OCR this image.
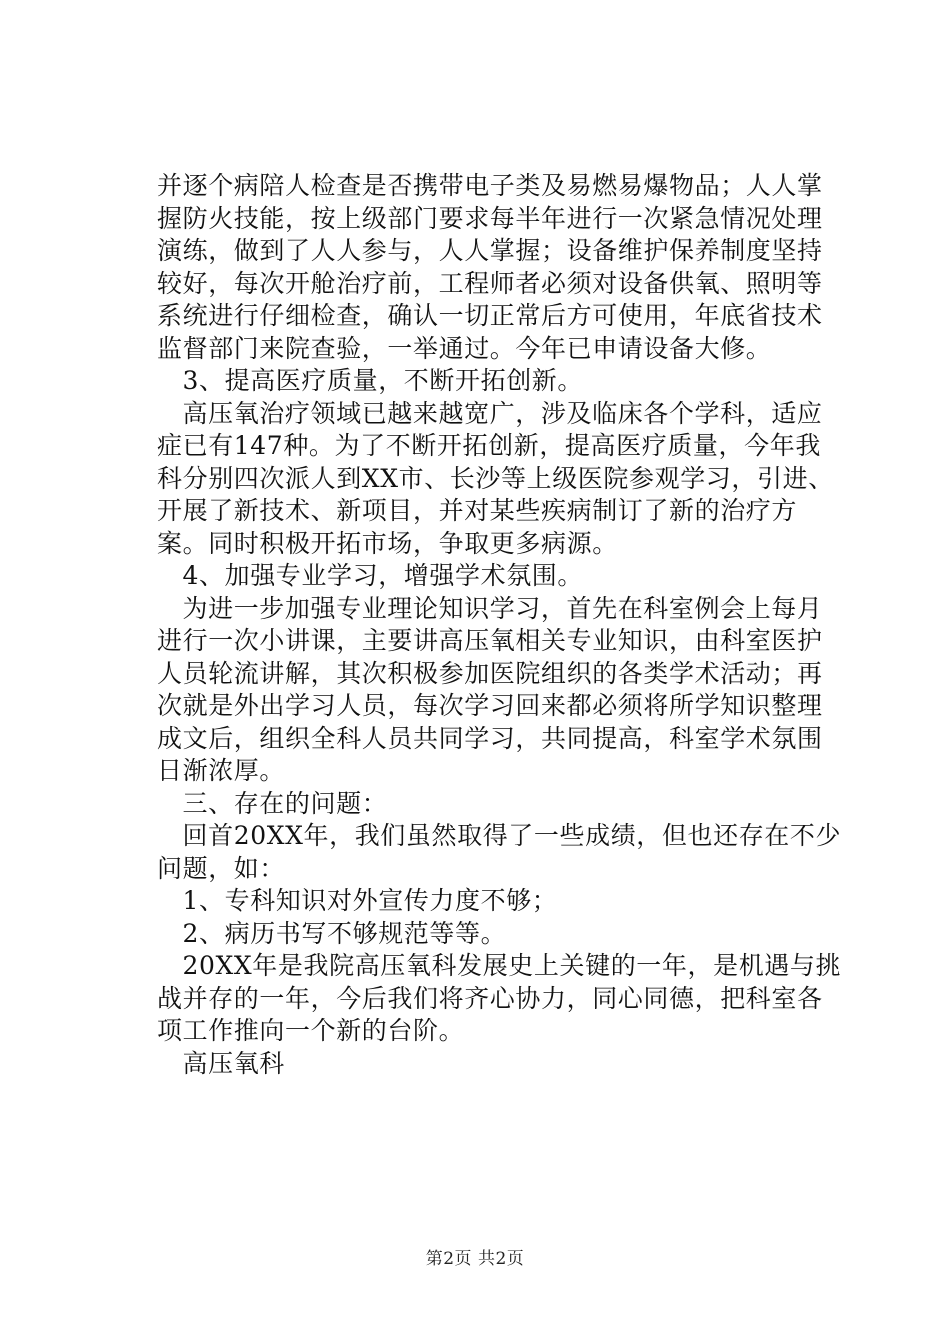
并逐个病陪人检查是否携带电子类及易燃易爆物品；人人掌握防火技能，按上级部门要求每半年进行一次紧急情况处理演练，做到了人人参与，人人掌握；设备维护保养制度坚持较好，每次开舱治疗前，工程师者必须对设备供氧、照明等系统进行仔细检查，确认一切正常后方可使用，年底省技术监督部门来院查验，一举通过。今年已申请设备大修。

3、提高医疗质量，不断开拓创新。

高压氧治疗领域已越来越宽广，涉及临床各个学科，适应症已有147种。为了不断开拓创新，提高医疗质量，今年我科分别四次派人到XX市、长沙等上级医院参观学习，引进、开展了新技术、新项目，并对某些疾病制订了新的治疗方案。同时积极开拓市场，争取更多病源。

4、加强专业学习，增强学术氛围。

为进一步加强专业理论知识学习，首先在科室例会上每月进行一次小讲课，主要讲高压氧相关专业知识，由科室医护人员轮流讲解，其次积极参加医院组织的各类学术活动；再次就是外出学习人员，每次学习回来都必须将所学知识整理成文后，组织全科人员共同学习，共同提高，科室学术氛围日渐浓厚。

三、存在的问题：

回首20XX年，我们虽然取得了一些成绩，但也还存在不少问题，如：

1、专科知识对外宣传力度不够；

2、病历书写不够规范等等。

20XX年是我院高压氧科发展史上关键的一年，是机遇与挑战并存的一年，今后我们将齐心协力，同心同德，把科室各项工作推向一个新的台阶。

高压氧科

第2页 共2页
